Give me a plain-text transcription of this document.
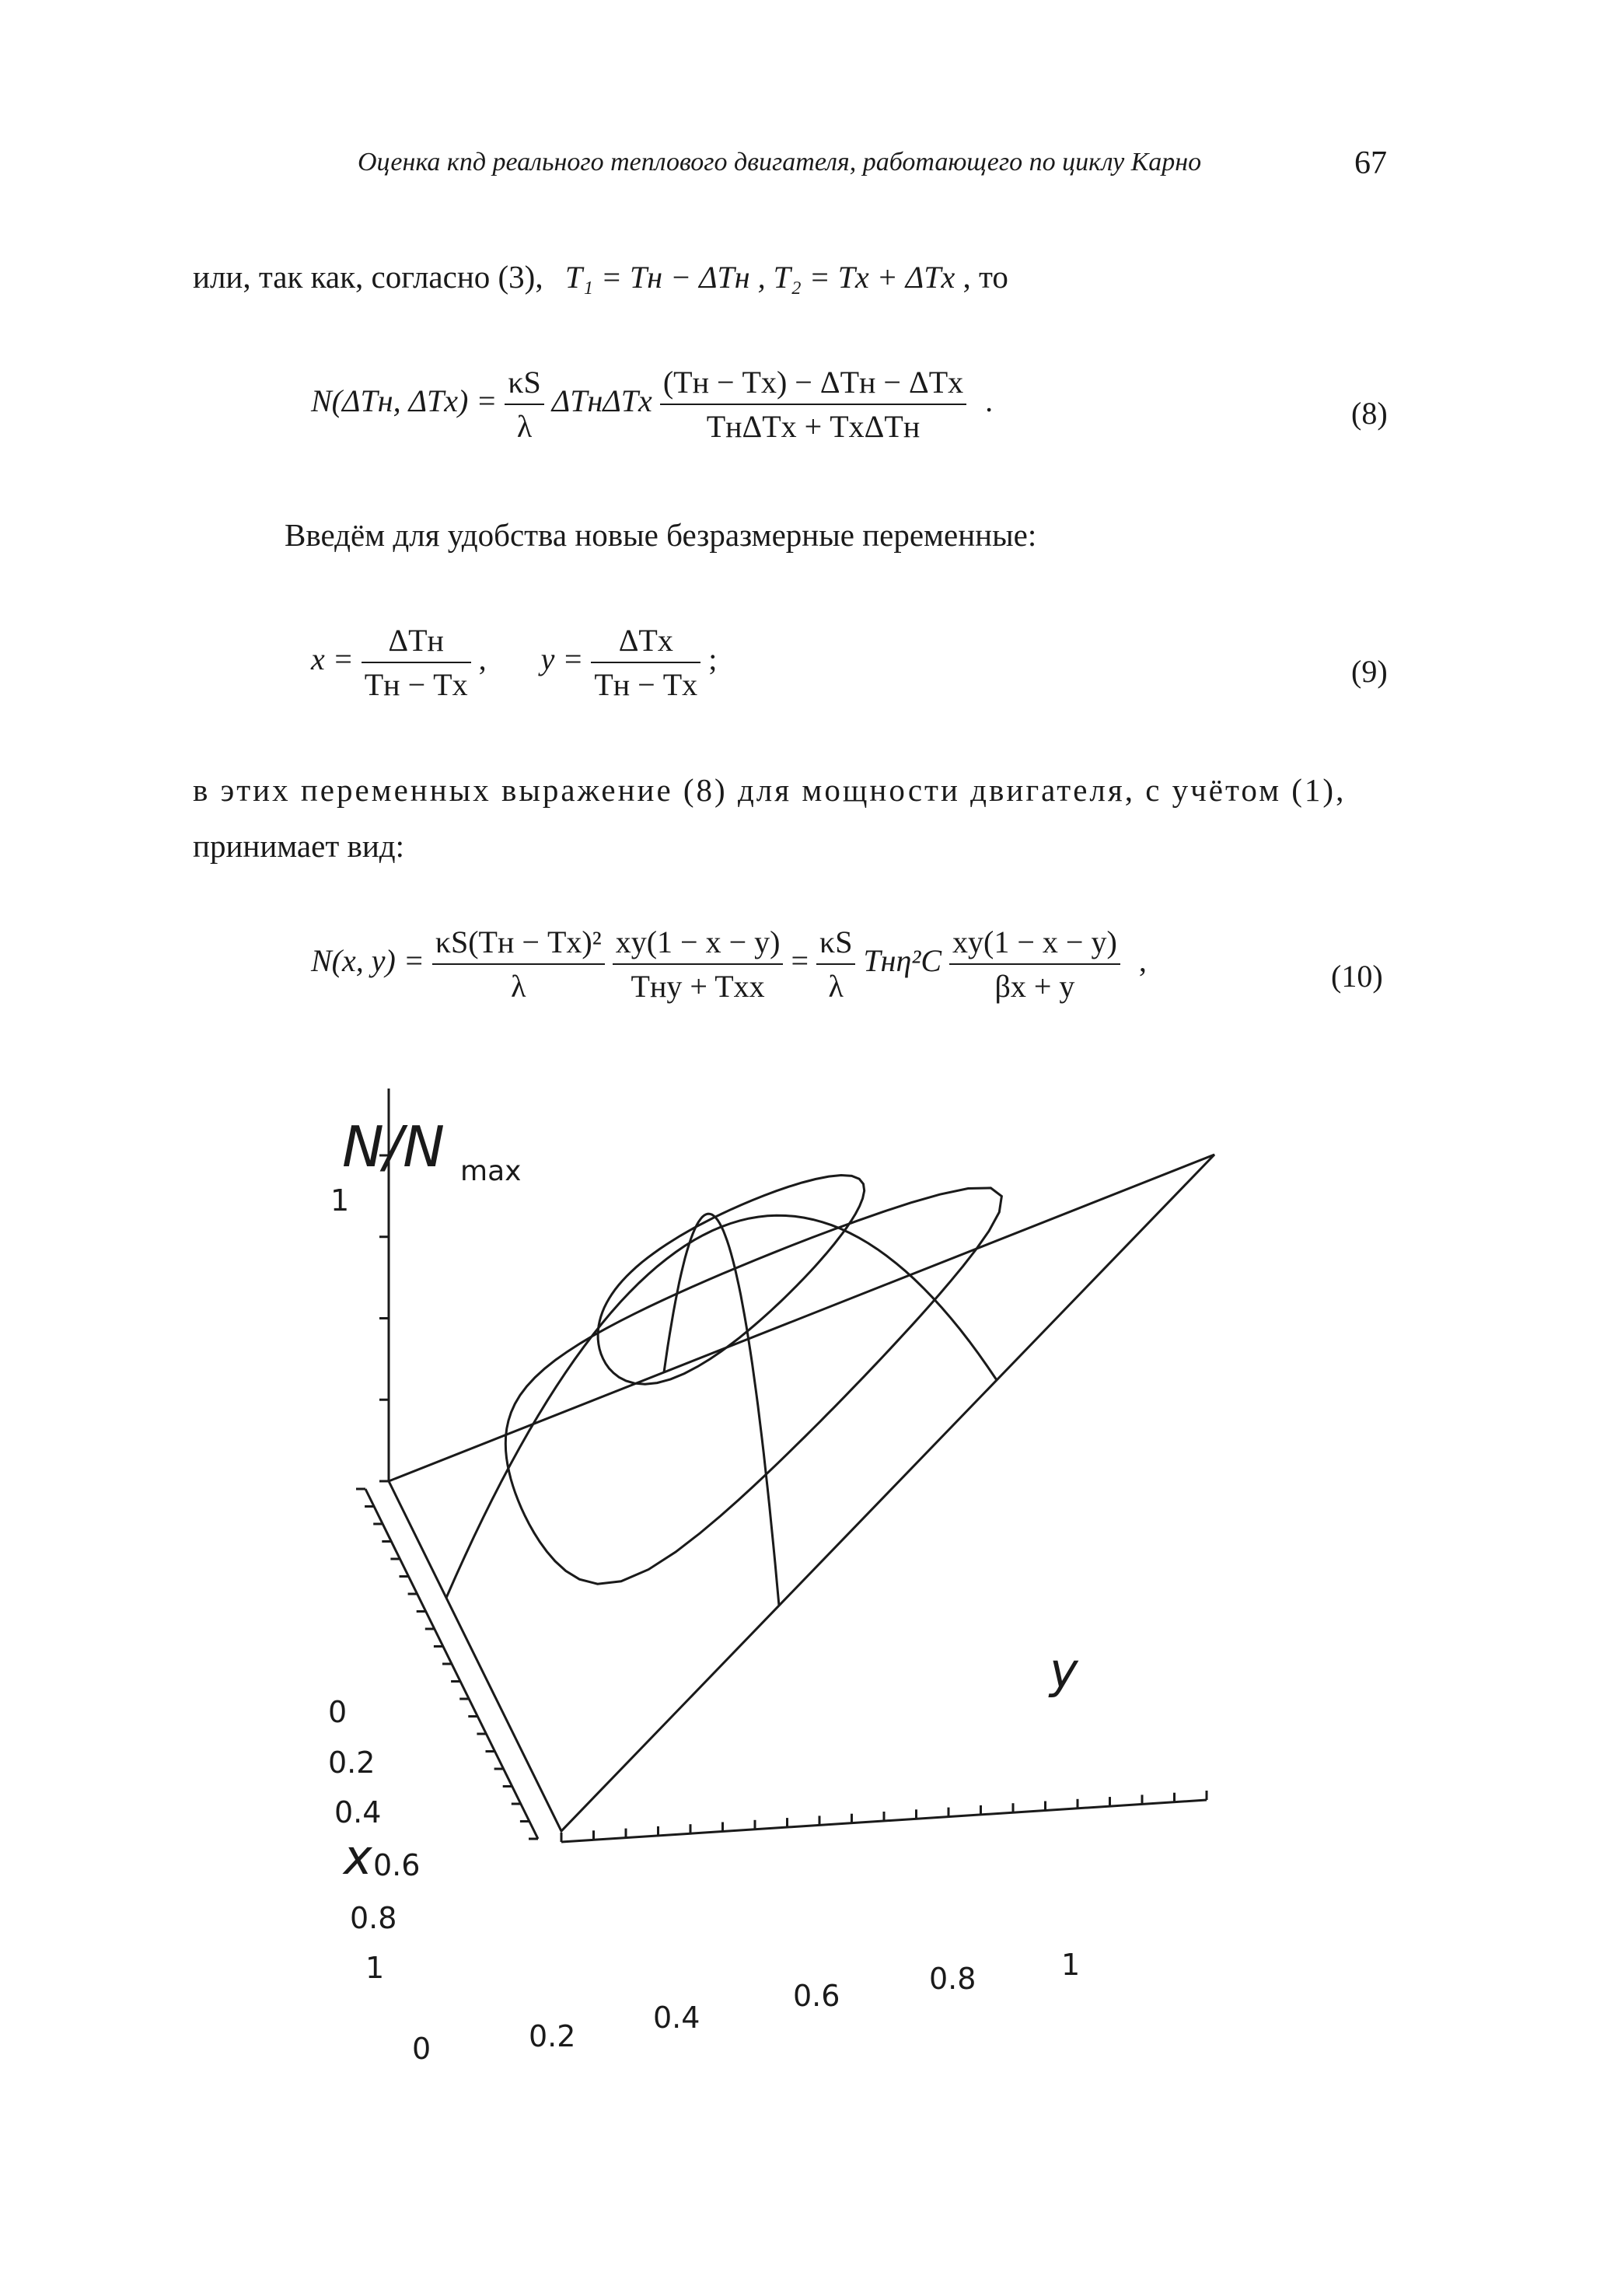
Оценка кпд реального теплового двигателя, работающего по циклу Карно	67
или, так как, согласно (3), T₁ = Tн − ΔTн , T₂ = Tх + ΔTх , то
N(ΔTн, $\Delta Tх) = \frac{\kappa S}{\lambda}$ ΔTнΔTх $\frac{\text{(Tн − Tх) − ΔTн − ΔTх}}{\text{TнΔTх + TхΔTн}}$ .	(8)
Введём для удобства новые безразмерные переменные:
$x = \frac{\text{ΔTн}}{Tн - Tх}$ , $y = \frac{\text{ΔTх}}{Tн - Tх}$ ;	(9)
в этих переменных выражение (8) для мощности двигателя, с учётом (1),
принимает вид:
N(x, $y) = \frac{\text{κS(Tн − Tх)²}}{\lambda}$
$\frac{xy(1 - x - y)}{\text{Tнy + Tхx}} = \frac{\kappa S}{\lambda} Tн\eta^2C \frac{xy(1 - x - y)}{\beta x + y}$ ,	(10)
N/N max
1
0
x
y
0.2
0.4
0.6
0.8
1
0	0.2
0.4
0.6	0.8	1
